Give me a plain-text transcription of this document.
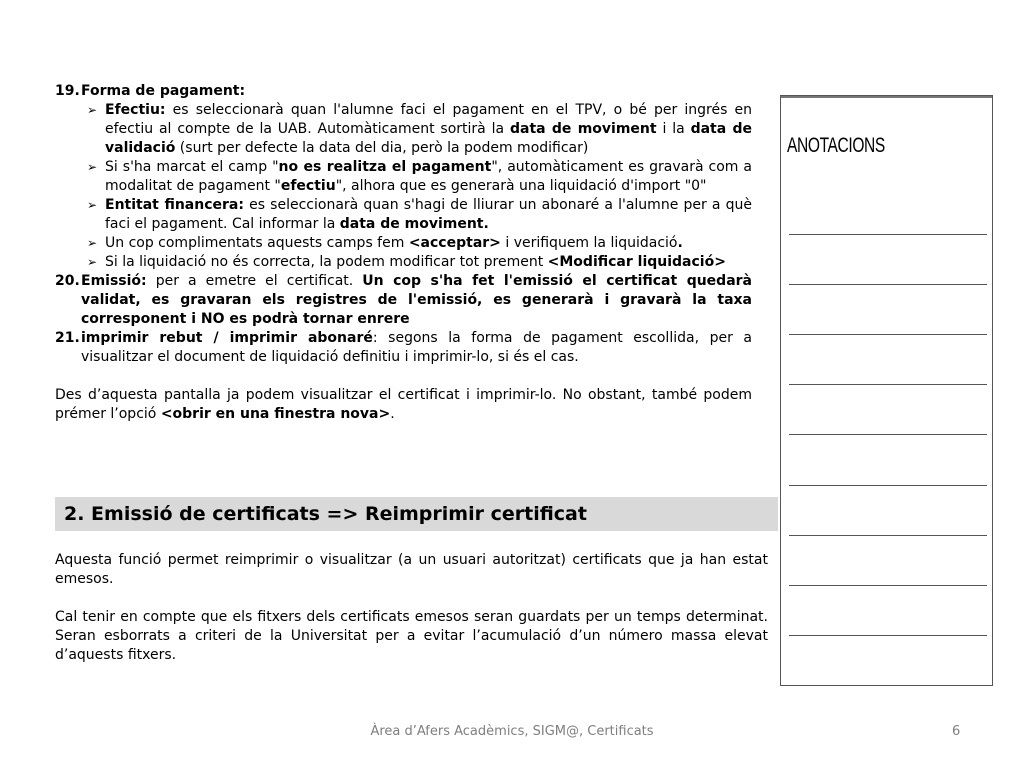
19. Forma de pagament:
➢ Efectiu: es seleccionarà quan l'alumne faci el pagament en el TPV, o bé per ingrés en efectiu al compte de la UAB. Automàticament sortirà la data de moviment i la data de validació (surt per defecte la data del dia, però la podem modificar)
➢ Si s'ha marcat el camp "no es realitza el pagament", automàticament es gravarà com a modalitat de pagament "efectiu", alhora que es generarà una liquidació d'import "0"
➢ Entitat financera: es seleccionarà quan s'hagi de lliurar un abonaré a l'alumne per a què faci el pagament. Cal informar la data de moviment.
➢ Un cop complimentats aquests camps fem <acceptar> i verifiquem la liquidació.
➢ Si la liquidació no és correcta, la podem modificar tot prement <Modificar liquidació>
20. Emissió: per a emetre el certificat. Un cop s'ha fet l'emissió el certificat quedarà validat, es gravaran els registres de l'emissió, es generarà i gravarà la taxa corresponent i NO es podrà tornar enrere
21. imprimir rebut / imprimir abonaré: segons la forma de pagament escollida, per a visualitzar el document de liquidació definitiu i imprimir-lo, si és el cas.

Des d’aquesta pantalla ja podem visualitzar el certificat i imprimir-lo. No obstant, també podem prémer l’opció <obrir en una finestra nova>.

2. Emissió de certificats => Reimprimir certificat

Aquesta funció permet reimprimir o visualitzar (a un usuari autoritzat) certificats que ja han estat emesos.

Cal tenir en compte que els fitxers dels certificats emesos seran guardats per un temps determinat. Seran esborrats a criteri de la Universitat per a evitar l’acumulació d’un número massa elevat d’aquests fitxers.

ANOTACIONS
Àrea d’Afers Acadèmics, SIGM@, Certificats	6
